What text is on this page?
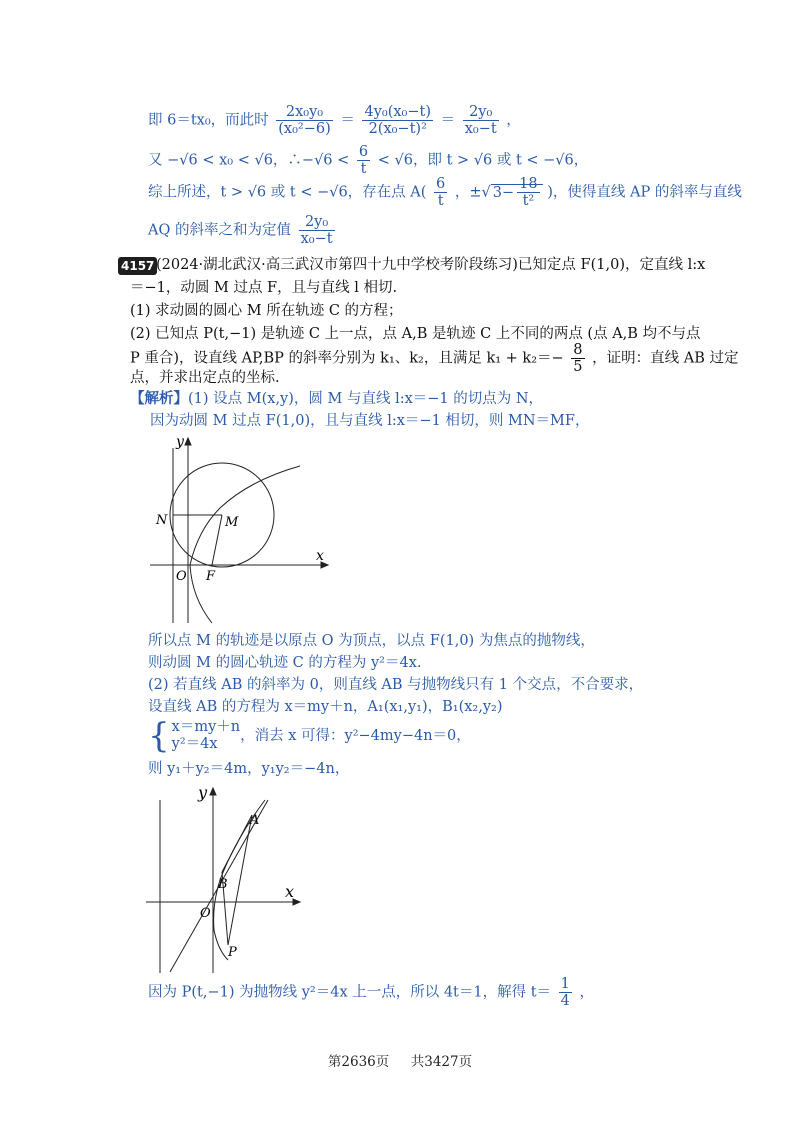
即 6＝tx₀，而此时 $\frac{\text{2x₀y₀}}{\text{(x₀²−6)}} = \frac{\text{4y₀(x₀−t)}}{\text{2(x₀−t)²}} = \frac{\text{2y₀}}{\text{x₀−t}}$ ，
又 −√6 < x₀ < √6，∴−√6 < $\frac{6}{t} < √6$，即 t > √6 或 t < −√6，
综上所述，t > √6 或 t < −√6，存在点 $A( \frac{6}{t}$ ，±√ $3- \frac{18}{\text{t²}}$ )，使得直线 AP 的斜率与直线
AQ 的斜率之和为定值 $\frac{\text{2y₀}}{\text{x₀−t}}$
4157 (2024·湖北武汉·高三武汉市第四十九中学校考阶段练习)已知定点 F(1,0)，定直线 l:x
＝−1，动圆 M 过点 F，且与直线 l 相切.
(1) 求动圆的圆心 M 所在轨迹 C 的方程；
(2) 已知点 P(t,−1) 是轨迹 C 上一点，点 A,B 是轨迹 C 上不同的两点 (点 A,B 均不与点
P 重合)，设直线 AP,BP 的斜率分别为 k₁、k₂，且满足 $k_1 + k_2=- \frac{8}{5}$ ，证明：直线 AB 过定
点，并求出定点的坐标.
【解析】(1) 设点 M(x,y)，圆 M 与直线 l:x＝−1 的切点为 N，
因为动圆 M 过点 F(1,0)，且与直线 l:x＝−1 相切，则 MN＝MF，
y
x
N	M
O F
所以点 M 的轨迹是以原点 O 为顶点，以点 F(1,0) 为焦点的抛物线，
则动圆 M 的圆心轨迹 C 的方程为 y²＝4x.
(2) 若直线 AB 的斜率为 0，则直线 AB 与抛物线只有 1 个交点，不合要求，
设直线 AB 的方程为 x＝my＋n，A₁(x₁,y₁)，B₁(x₂,y₂)
{ x＝my＋n
y²＝4x	，消去 x 可得：y²−4my−4n＝0，
则 y₁＋y₂＝4m，y₁y₂＝−4n，
y
x
A
B
O
P
因为 P(t,−1) 为抛物线 y²＝4x 上一点，所以 4t＝1，解得 $t= \frac{1}{4}$ ，
第2636页 共3427页
